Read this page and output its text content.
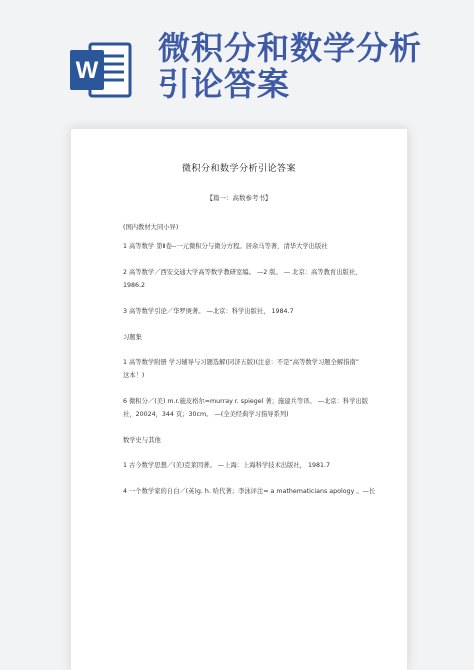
W
微积分和数学分析
引论答案
微积分和数学分析引论答案
【篇一：高数参考书】
(国内教材大同小异)
1 高等数学 第Ⅱ卷--一元微积分与微分方程。居余马等著，清华大学出版社
2 高等数学／西安交通大学高等数学教研室编。 —2 版。 — 北京：高等教育出版社，
1986.2
3 高等数学引论／华罗庚著。 —北京：科学出版社， 1984.7
习题集
1 高等数学附册 学习辅导与习题选解(同济五版)(注意：不是“高等数学习题全解指南”
这本！)
6 微积分／(美) m.r.施皮格尔=murray r. spiegel 著；施建兵等译。 —北京：科学出版
社，20024，344 页；30cm。 —(全美经典学习指导系列)
数学史与其他
1 古今数学思想／(美)克莱因著。 —上海：上海科学技术出版社， 1981.7
4 一个数学家的自白／(英)g. h. 哈代著；李泳评注= a mathematicians apology 。—长
